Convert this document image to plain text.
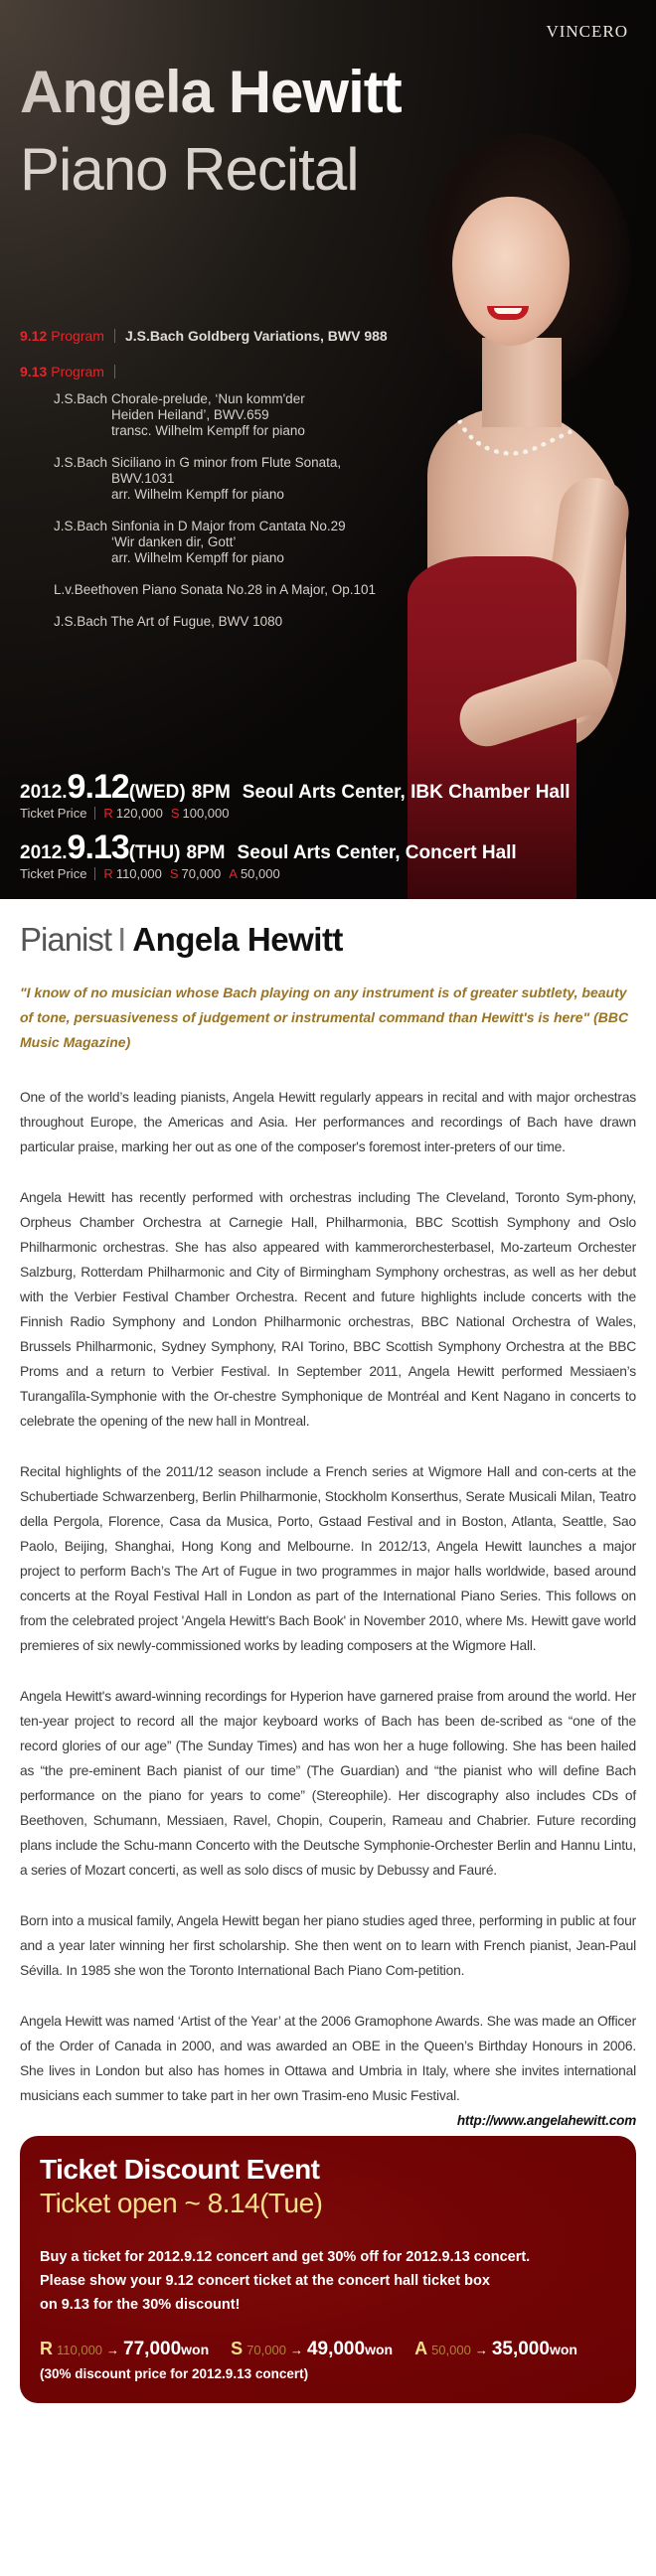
VINCERO
Angela Hewitt
Piano Recital
9.12 Program J.S.Bach Goldberg Variations, BWV 988
9.13 Program
J.S.Bach Chorale-prelude, ‘Nun komm'der
Heiden Heiland’, BWV.659
transc. Wilhelm Kempff for piano
J.S.Bach Siciliano in G minor from Flute Sonata,
BWV.1031
arr. Wilhelm Kempff for piano
J.S.Bach Sinfonia in D Major from Cantata No.29
‘Wir danken dir, Gott’
arr. Wilhelm Kempff for piano
L.v.Beethoven Piano Sonata No.28 in A Major, Op.101
J.S.Bach The Art of Fugue, BWV 1080
2012. 9.12 (WED) 8PM Seoul Arts Center, IBK Chamber Hall
Ticket Price R 120,000 S 100,000
2012. 9.13 (THU) 8PM Seoul Arts Center, Concert Hall
Ticket Price R 110,000 S 70,000 A 50,000
Pianist I Angela Hewitt

"I know of no musician whose Bach playing on any instrument is of greater subtlety, beauty of tone, persuasiveness of judgement or instrumental command than Hewitt's is here" (BBC Music Magazine)

One of the world’s leading pianists, Angela Hewitt regularly appears in recital and with major orchestras throughout Europe, the Americas and Asia. Her performances and recordings of Bach have drawn particular praise, marking her out as one of the composer's foremost inter-preters of our time.

Angela Hewitt has recently performed with orchestras including The Cleveland, Toronto Sym-phony, Orpheus Chamber Orchestra at Carnegie Hall, Philharmonia, BBC Scottish Symphony and Oslo Philharmonic orchestras. She has also appeared with kammerorchesterbasel, Mo-zarteum Orchester Salzburg, Rotterdam Philharmonic and City of Birmingham Symphony orchestras, as well as her debut with the Verbier Festival Chamber Orchestra. Recent and future highlights include concerts with the Finnish Radio Symphony and London Philharmonic orchestras, BBC National Orchestra of Wales, Brussels Philharmonic, Sydney Symphony, RAI Torino, BBC Scottish Symphony Orchestra at the BBC Proms and a return to Verbier Festival. In September 2011, Angela Hewitt performed Messiaen’s Turangalîla-Symphonie with the Or-chestre Symphonique de Montréal and Kent Nagano in concerts to celebrate the opening of the new hall in Montreal.

Recital highlights of the 2011/12 season include a French series at Wigmore Hall and con-certs at the Schubertiade Schwarzenberg, Berlin Philharmonie, Stockholm Konserthus, Serate Musicali Milan, Teatro della Pergola, Florence, Casa da Musica, Porto, Gstaad Festival and in Boston, Atlanta, Seattle, Sao Paolo, Beijing, Shanghai, Hong Kong and Melbourne. In 2012/13, Angela Hewitt launches a major project to perform Bach’s The Art of Fugue in two programmes in major halls worldwide, based around concerts at the Royal Festival Hall in London as part of the International Piano Series. This follows on from the celebrated project 'Angela Hewitt's Bach Book' in November 2010, where Ms. Hewitt gave world premieres of six newly-commissioned works by leading composers at the Wigmore Hall.

Angela Hewitt's award-winning recordings for Hyperion have garnered praise from around the world. Her ten-year project to record all the major keyboard works of Bach has been de-scribed as “one of the record glories of our age” (The Sunday Times) and has won her a huge following. She has been hailed as “the pre-eminent Bach pianist of our time” (The Guardian) and “the pianist who will define Bach performance on the piano for years to come” (Stereophile). Her discography also includes CDs of Beethoven, Schumann, Messiaen, Ravel, Chopin, Couperin, Rameau and Chabrier. Future recording plans include the Schu-mann Concerto with the Deutsche Symphonie-Orchester Berlin and Hannu Lintu, a series of Mozart concerti, as well as solo discs of music by Debussy and Fauré.

Born into a musical family, Angela Hewitt began her piano studies aged three, performing in public at four and a year later winning her first scholarship. She then went on to learn with French pianist, Jean-Paul Sévilla. In 1985 she won the Toronto International Bach Piano Com-petition.

Angela Hewitt was named ‘Artist of the Year’ at the 2006 Gramophone Awards. She was made an Officer of the Order of Canada in 2000, and was awarded an OBE in the Queen’s Birthday Honours in 2006. She lives in London but also has homes in Ottawa and Umbria in Italy, where she invites international musicians each summer to take part in her own Trasim-eno Music Festival.
http://www.angelahewitt.com
Ticket Discount Event
Ticket open ~ 8.14(Tue)
Buy a ticket for 2012.9.12 concert and get 30% off for 2012.9.13 concert.
Please show your 9.12 concert ticket at the concert hall ticket box
on 9.13 for the 30% discount!
R 110,000 → 77,000 won S 70,000 → 49,000 won A 50,000 → 35,000 won
(30% discount price for 2012.9.13 concert)
